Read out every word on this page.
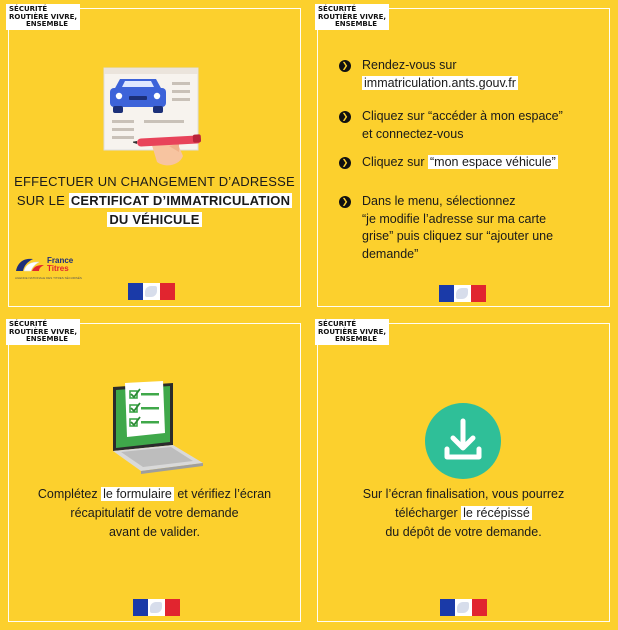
SÉCURITÉ
ROUTIÈRE
VIVRE,
ENSEMBLE
EFFECTUER UN CHANGEMENT D’ADRESSE
SUR LE CERTIFICAT D’IMMATRICULATION
DU VÉHICULE
France
Titres
AGENCE NATIONALE DES TITRES SÉCURISÉS
SÉCURITÉ
ROUTIÈRE
VIVRE,
ENSEMBLE
❯ Rendez-vous sur
immatriculation.ants.gouv.fr
❯ Cliquez sur “accéder à mon espace”
et connectez-vous
❯ Cliquez sur “mon espace véhicule”
❯ Dans le menu, sélectionnez
“je modifie l’adresse sur ma carte
grise” puis cliquez sur “ajouter une
demande”
SÉCURITÉ
ROUTIÈRE
VIVRE,
ENSEMBLE
Complétez le formulaire et vérifiez l’écran
récapitulatif de votre demande
avant de valider.
SÉCURITÉ
ROUTIÈRE
VIVRE,
ENSEMBLE
Sur l’écran finalisation, vous pourrez
télécharger le récépissé
du dépôt de votre demande.
